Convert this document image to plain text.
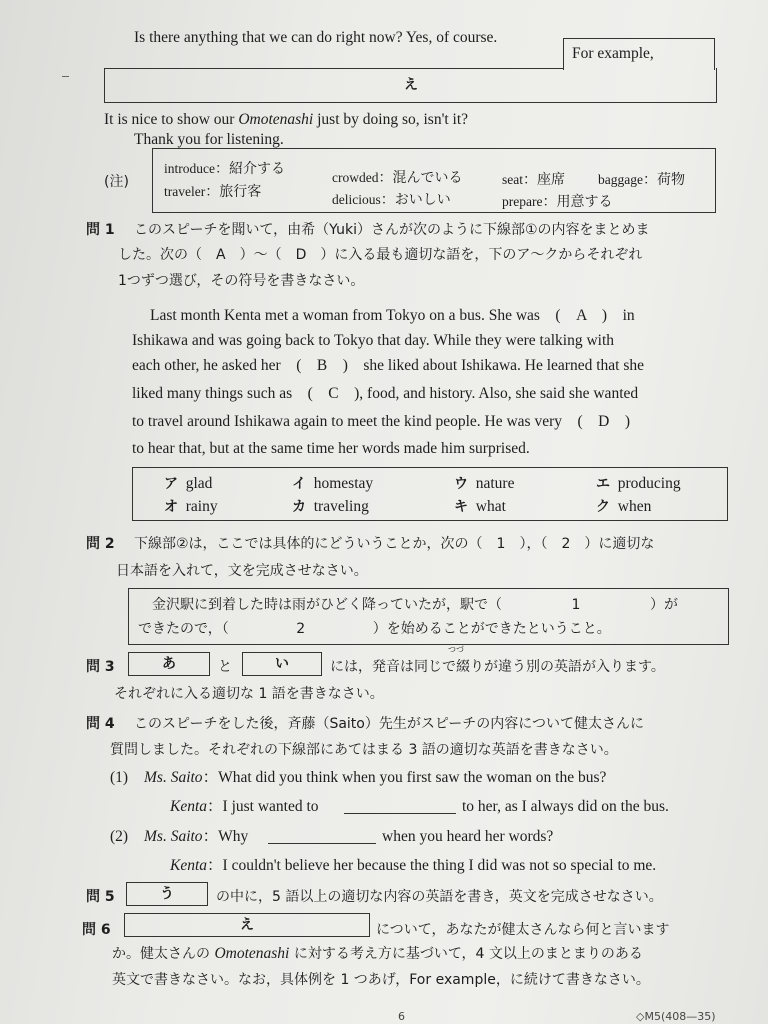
Is there anything that we can do right now? Yes, of course.
For example,
え
It is nice to show our Omotenashi just by doing so, isn't it?
Thank you for listening.
(注)
introduce：紹介する
crowded：混んでいる	seat：座席 baggage：荷物
traveler：旅行客	delicious：おいしい	prepare：用意する
問 1 このスピーチを聞いて，由希（Yuki）さんが次のように下線部①の内容をまとめま
した。次の（　A　）～（　D　）に入る最も適切な語を，下のア～クからそれぞれ
1つずつ選び，その符号を書きなさい。
Last month Kenta met a woman from Tokyo on a bus. She was　(　A　)　in
Ishikawa and was going back to Tokyo that day. While they were talking with
each other, he asked her　(　B　)　she liked about Ishikawa. He learned that she
liked many things such as　(　C　), food, and history. Also, she said she wanted
to travel around Ishikawa again to meet the kind people. He was very　(　D　)
to hear that, but at the same time her words made him surprised.
ア glad	イ homestay	ウ nature	エ producing
オ rainy	カ traveling	キ what	ク when
問 2 下線部②は，ここでは具体的にどういうことか，次の（　1　），（　2　）に適切な
日本語を入れて，文を完成させなさい。
金沢駅に到着した時は雨がひどく降っていたが，駅で（	1	）が
できたので，（	2	）を始めることができたということ。
問 3	あ	と	い
つづ
には，発音は同じで綴りが違う別の英語が入ります。
それぞれに入る適切な 1 語を書きなさい。
問 4 このスピーチをした後，斉藤（Saito）先生がスピーチの内容について健太さんに
質問しました。それぞれの下線部にあてはまる 3 語の適切な英語を書きなさい。
(1) Ms. Saito：What did you think when you first saw the woman on the bus?
Kenta：I just wanted to	to her, as I always did on the bus.
(2) Ms. Saito：Why	when you heard her words?
Kenta：I couldn't believe her because the thing I did was not so special to me.
問 5	う	の中に，5 語以上の適切な内容の英語を書き，英文を完成させなさい。
問 6	え	について，あなたが健太さんなら何と言います
か。健太さんの Omotenashi に対する考え方に基づいて，4 文以上のまとまりのある
英文で書きなさい。なお，具体例を 1 つあげ，For example，に続けて書きなさい。
6	◇M5(408—35)
